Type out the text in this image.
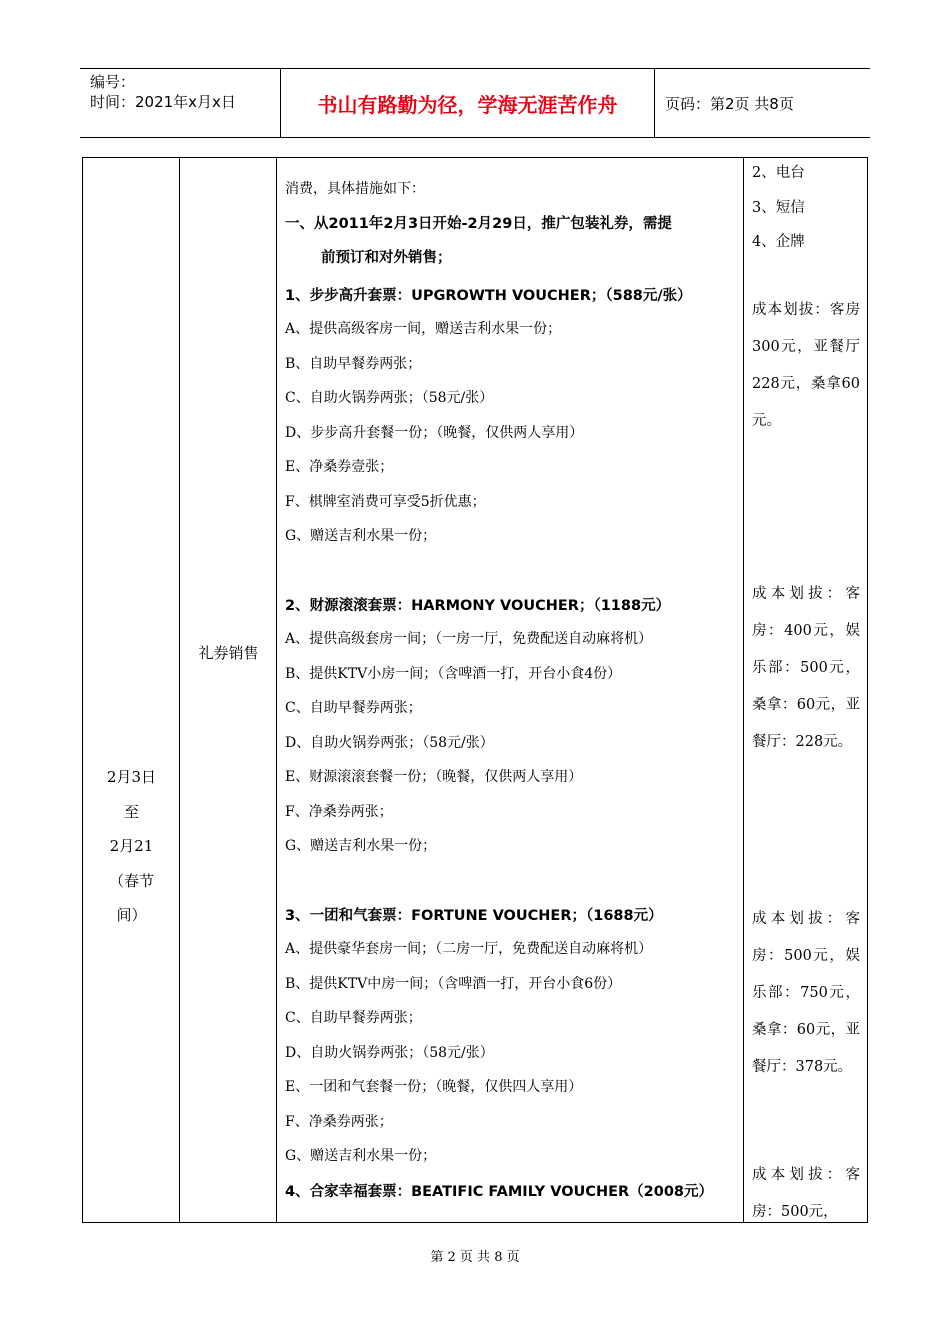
编号：
时间：2021年x月x日	书山有路勤为径，学海无涯苦作舟	页码：第2页 共8页
2月3日
至
2月21
（春节
间）
礼券销售
消费，具体措施如下：
一、从2011年2月3日开始-2月29日，推广包装礼券，需提
前预订和对外销售；
1、步步高升套票：UPGROWTH VOUCHER；（588元/张）
A、提供高级客房一间，赠送吉利水果一份；
B、自助早餐券两张；
C、自助火锅券两张；（58元/张）
D、步步高升套餐一份；（晚餐，仅供两人享用）
E、净桑券壹张；
F、棋牌室消费可享受5折优惠；
G、赠送吉利水果一份；
2、财源滚滚套票：HARMONY VOUCHER；（1188元）
A、提供高级套房一间；（一房一厅，免费配送自动麻将机）
B、提供KTV小房一间；（含啤酒一打，开台小食4份）
C、自助早餐券两张；
D、自助火锅券两张；（58元/张）
E、财源滚滚套餐一份；（晚餐，仅供两人享用）
F、净桑券两张；
G、赠送吉利水果一份；
3、一团和气套票：FORTUNE VOUCHER；（1688元）
A、提供豪华套房一间；（二房一厅，免费配送自动麻将机）
B、提供KTV中房一间；（含啤酒一打，开台小食6份）
C、自助早餐券两张；
D、自助火锅券两张；（58元/张）
E、一团和气套餐一份；（晚餐，仅供四人享用）
F、净桑券两张；
G、赠送吉利水果一份；
4、合家幸福套票：BEATIFIC FAMILY VOUCHER（2008元）
2、电台
3、短信
4、企牌
成本划拔：客房300元，亚餐厅228元，桑拿60元。
成本划拔：客房：400元，娱乐部：500元，桑拿：60元，亚餐厅：228元。
成本划拔：客房：500元，娱乐部：750元，桑拿：60元，亚餐厅：378元。
成本划拔：客房：500元，
第 2 页 共 8 页
